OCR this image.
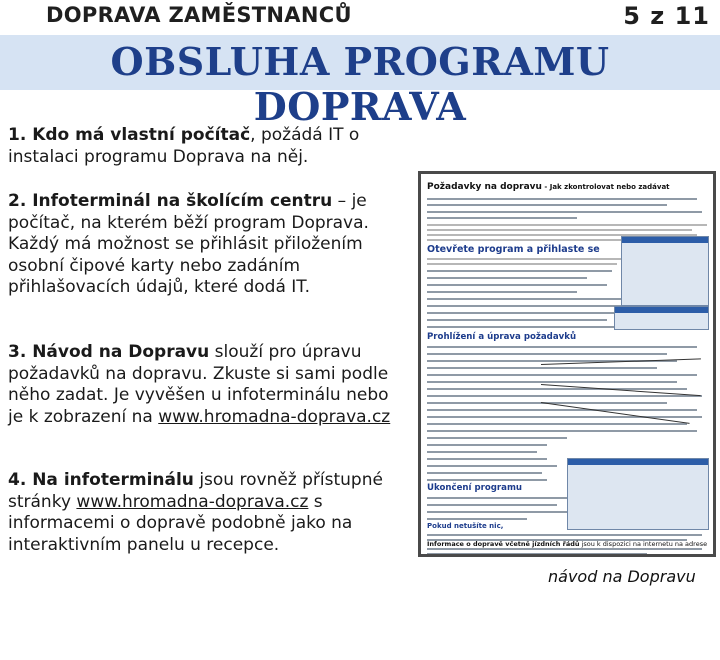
DOPRAVA ZAMĚSTNANCŮ	5 z 11
OBSLUHA PROGRAMU DOPRAVA
1. Kdo má vlastní počítač, požádá IT o instalaci programu Doprava na něj.
2. Infoterminál na školícím centru – je počítač, na kterém běží program Doprava. Každý má možnost se přihlásit přiložením osobní čipové karty nebo zadáním přihlašovacích údajů, které dodá IT.
3. Návod na Dopravu slouží pro úpravu požadavků na dopravu. Zkuste si sami podle něho zadat. Je vyvěšen u infoterminálu nebo je k zobrazení na www.hromadna-doprava.cz
4. Na infoterminálu jsou rovněž přístupné stránky www.hromadna-doprava.cz s informacemi o dopravě podobně jako na interaktivním panelu u recepce.
Požadavky na dopravu - Jak zkontrolovat nebo zadávat
Otevřete program a přihlaste se
Prohlížení a úprava požadavků
Ukončení programu
Pokud netušíte nic,
Informace o dopravě včetně jízdních řádů jsou k dispozici na internetu na adrese
návod na Dopravu
